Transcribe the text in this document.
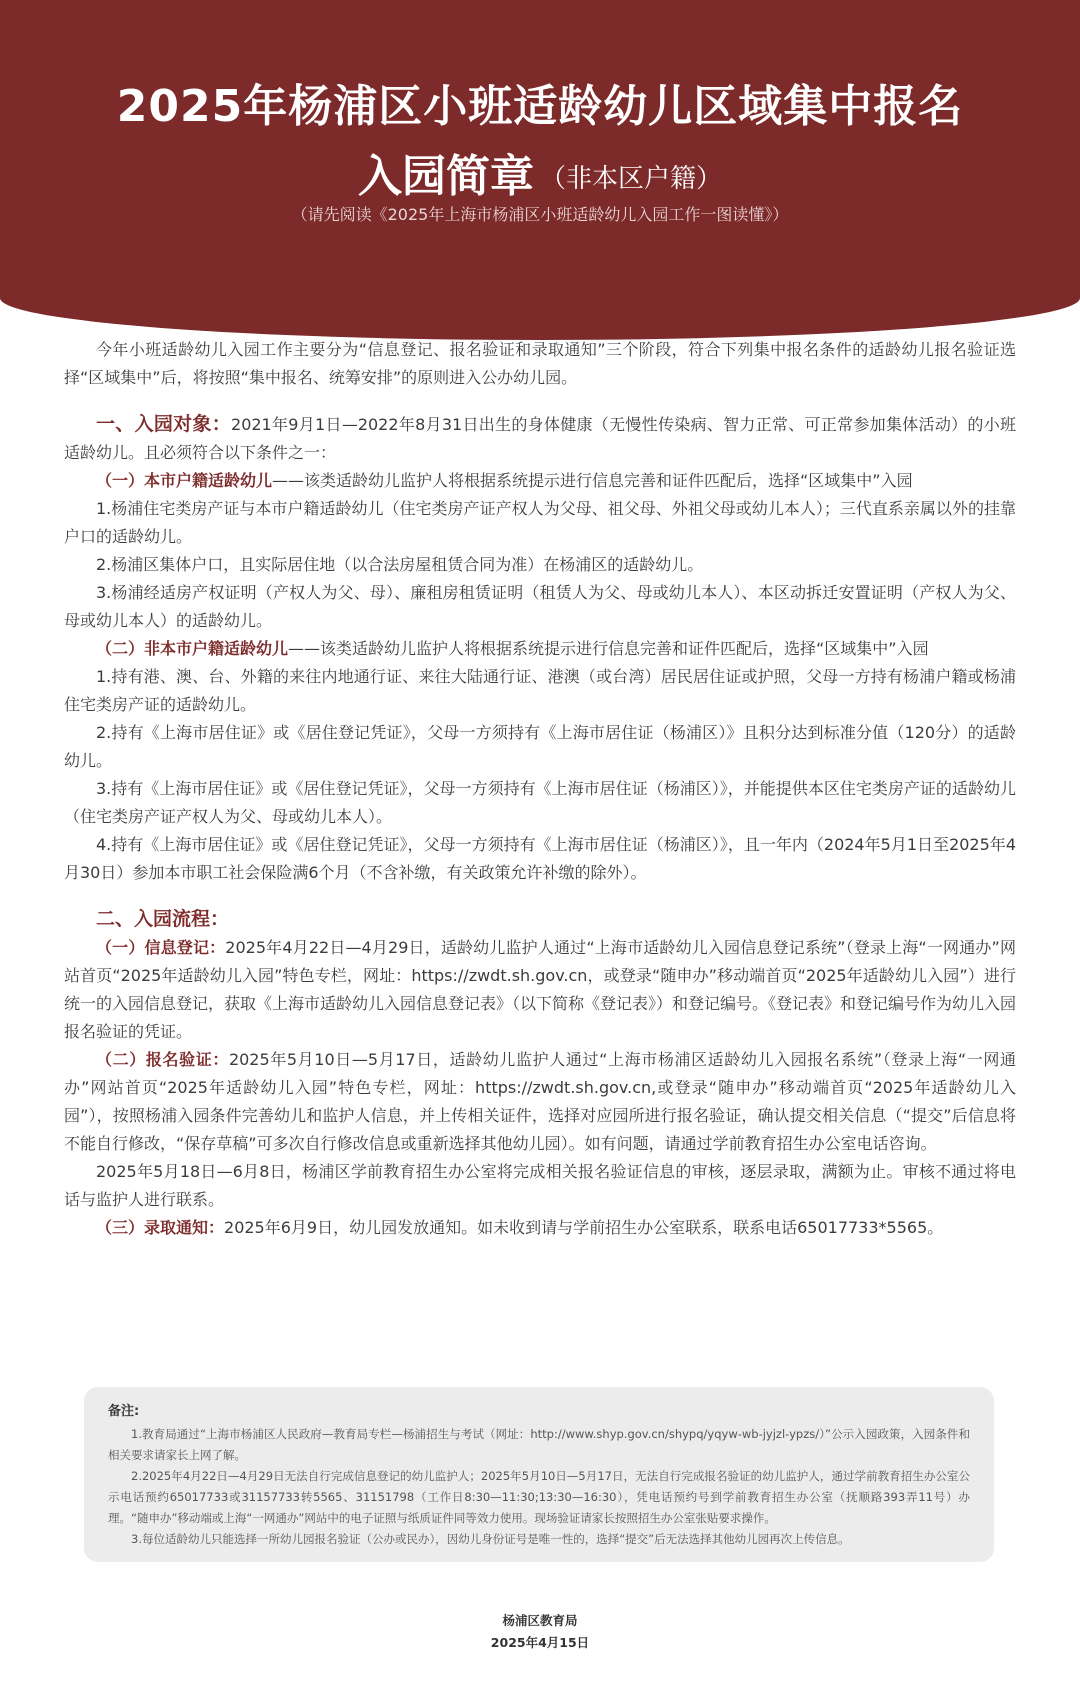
2025年杨浦区小班适龄幼儿区域集中报名
入园简章 （非本区户籍）
（请先阅读《2025年上海市杨浦区小班适龄幼儿入园工作一图读懂》）

今年小班适龄幼儿入园工作主要分为“信息登记、报名验证和录取通知”三个阶段，符合下列集中报名条件的适龄幼儿报名验证选择“区域集中”后，将按照“集中报名、统筹安排”的原则进入公办幼儿园。

一、入园对象：2021年9月1日—2022年8月31日出生的身体健康（无慢性传染病、智力正常、可正常参加集体活动）的小班适龄幼儿。且必须符合以下条件之一：

（一）本市户籍适龄幼儿——该类适龄幼儿监护人将根据系统提示进行信息完善和证件匹配后，选择“区域集中”入园

1.杨浦住宅类房产证与本市户籍适龄幼儿（住宅类房产证产权人为父母、祖父母、外祖父母或幼儿本人）；三代直系亲属以外的挂靠户口的适龄幼儿。

2.杨浦区集体户口，且实际居住地（以合法房屋租赁合同为准）在杨浦区的适龄幼儿。

3.杨浦经适房产权证明（产权人为父、母）、廉租房租赁证明（租赁人为父、母或幼儿本人）、本区动拆迁安置证明（产权人为父、母或幼儿本人）的适龄幼儿。

（二）非本市户籍适龄幼儿——该类适龄幼儿监护人将根据系统提示进行信息完善和证件匹配后，选择“区域集中”入园

1.持有港、澳、台、外籍的来往内地通行证、来往大陆通行证、港澳（或台湾）居民居住证或护照，父母一方持有杨浦户籍或杨浦住宅类房产证的适龄幼儿。

2.持有《上海市居住证》或《居住登记凭证》，父母一方须持有《上海市居住证（杨浦区）》且积分达到标准分值（120分）的适龄幼儿。

3.持有《上海市居住证》或《居住登记凭证》，父母一方须持有《上海市居住证（杨浦区）》，并能提供本区住宅类房产证的适龄幼儿（住宅类房产证产权人为父、母或幼儿本人）。

4.持有《上海市居住证》或《居住登记凭证》，父母一方须持有《上海市居住证（杨浦区）》，且一年内（2024年5月1日至2025年4月30日）参加本市职工社会保险满6个月（不含补缴，有关政策允许补缴的除外）。

二、入园流程：

（一）信息登记：2025年4月22日—4月29日，适龄幼儿监护人通过“上海市适龄幼儿入园信息登记系统”（登录上海“一网通办”网站首页“2025年适龄幼儿入园”特色专栏，网址：https://zwdt.sh.gov.cn，或登录“随申办”移动端首页“2025年适龄幼儿入园”）进行统一的入园信息登记，获取《上海市适龄幼儿入园信息登记表》（以下简称《登记表》）和登记编号。《登记表》和登记编号作为幼儿入园报名验证的凭证。

（二）报名验证：2025年5月10日—5月17日，适龄幼儿监护人通过“上海市杨浦区适龄幼儿入园报名系统”（登录上海“一网通办”网站首页“2025年适龄幼儿入园”特色专栏，网址：https://zwdt.sh.gov.cn,或登录“随申办”移动端首页“2025年适龄幼儿入园”），按照杨浦入园条件完善幼儿和监护人信息，并上传相关证件，选择对应园所进行报名验证，确认提交相关信息（“提交”后信息将不能自行修改，“保存草稿”可多次自行修改信息或重新选择其他幼儿园）。如有问题，请通过学前教育招生办公室电话咨询。

2025年5月18日—6月8日，杨浦区学前教育招生办公室将完成相关报名验证信息的审核，逐层录取，满额为止。审核不通过将电话与监护人进行联系。

（三）录取通知：2025年6月9日，幼儿园发放通知。如未收到请与学前招生办公室联系，联系电话65017733*5565。

备注:

1.教育局通过“上海市杨浦区人民政府—教育局专栏—杨浦招生与考试（网址：http://www.shyp.gov.cn/shypq/yqyw-wb-jyjzl-ypzs/）”公示入园政策，入园条件和相关要求请家长上网了解。

2.2025年4月22日—4月29日无法自行完成信息登记的幼儿监护人；2025年5月10日—5月17日，无法自行完成报名验证的幼儿监护人，通过学前教育招生办公室公示电话预约65017733或31157733转5565、31151798（工作日8:30—11:30;13:30—16:30），凭电话预约号到学前教育招生办公室（抚顺路393弄11号）办理。“随申办”移动端或上海“一网通办”网站中的电子证照与纸质证件同等效力使用。现场验证请家长按照招生办公室张贴要求操作。

3.每位适龄幼儿只能选择一所幼儿园报名验证（公办或民办），因幼儿身份证号是唯一性的，选择“提交”后无法选择其他幼儿园再次上传信息。

杨浦区教育局
2025年4月15日
